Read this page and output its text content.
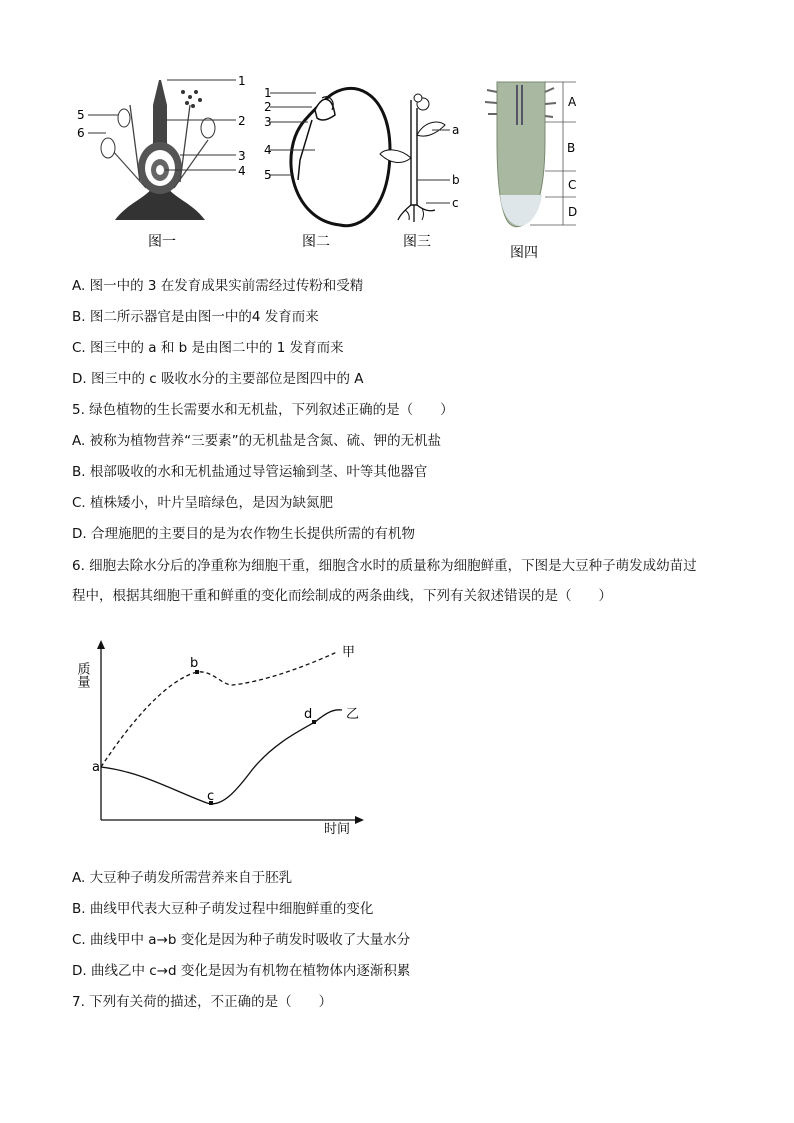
1
2
3
4
5
6
图一
1
2
3
4
5
图二
a
b
c
图三
A
B
C
D
图四
A. 图一中的 3 在发育成果实前需经过传粉和受精
B. 图二所示器官是由图一中的4 发育而来
C. 图三中的 a 和 b 是由图二中的 1 发育而来
D. 图三中的 c 吸收水分的主要部位是图四中的 A
5. 绿色植物的生长需要水和无机盐，下列叙述正确的是（　　）
A. 被称为植物营养“三要素”的无机盐是含氮、硫、钾的无机盐
B. 根部吸收的水和无机盐通过导管运输到茎、叶等其他器官
C. 植株矮小，叶片呈暗绿色，是因为缺氮肥
D. 合理施肥的主要目的是为农作物生长提供所需的有机物
6. 细胞去除水分后的净重称为细胞干重，细胞含水时的质量称为细胞鲜重，下图是大豆种子萌发成幼苗过
程中，根据其细胞干重和鲜重的变化而绘制成的两条曲线，下列有关叙述错误的是（　　）
质量
时间
a
b
c
d
甲
乙
A. 大豆种子萌发所需营养来自于胚乳
B. 曲线甲代表大豆种子萌发过程中细胞鲜重的变化
C. 曲线甲中 a→b 变化是因为种子萌发时吸收了大量水分
D. 曲线乙中 c→d 变化是因为有机物在植物体内逐渐积累
7. 下列有关荷的描述，不正确的是（　　）
